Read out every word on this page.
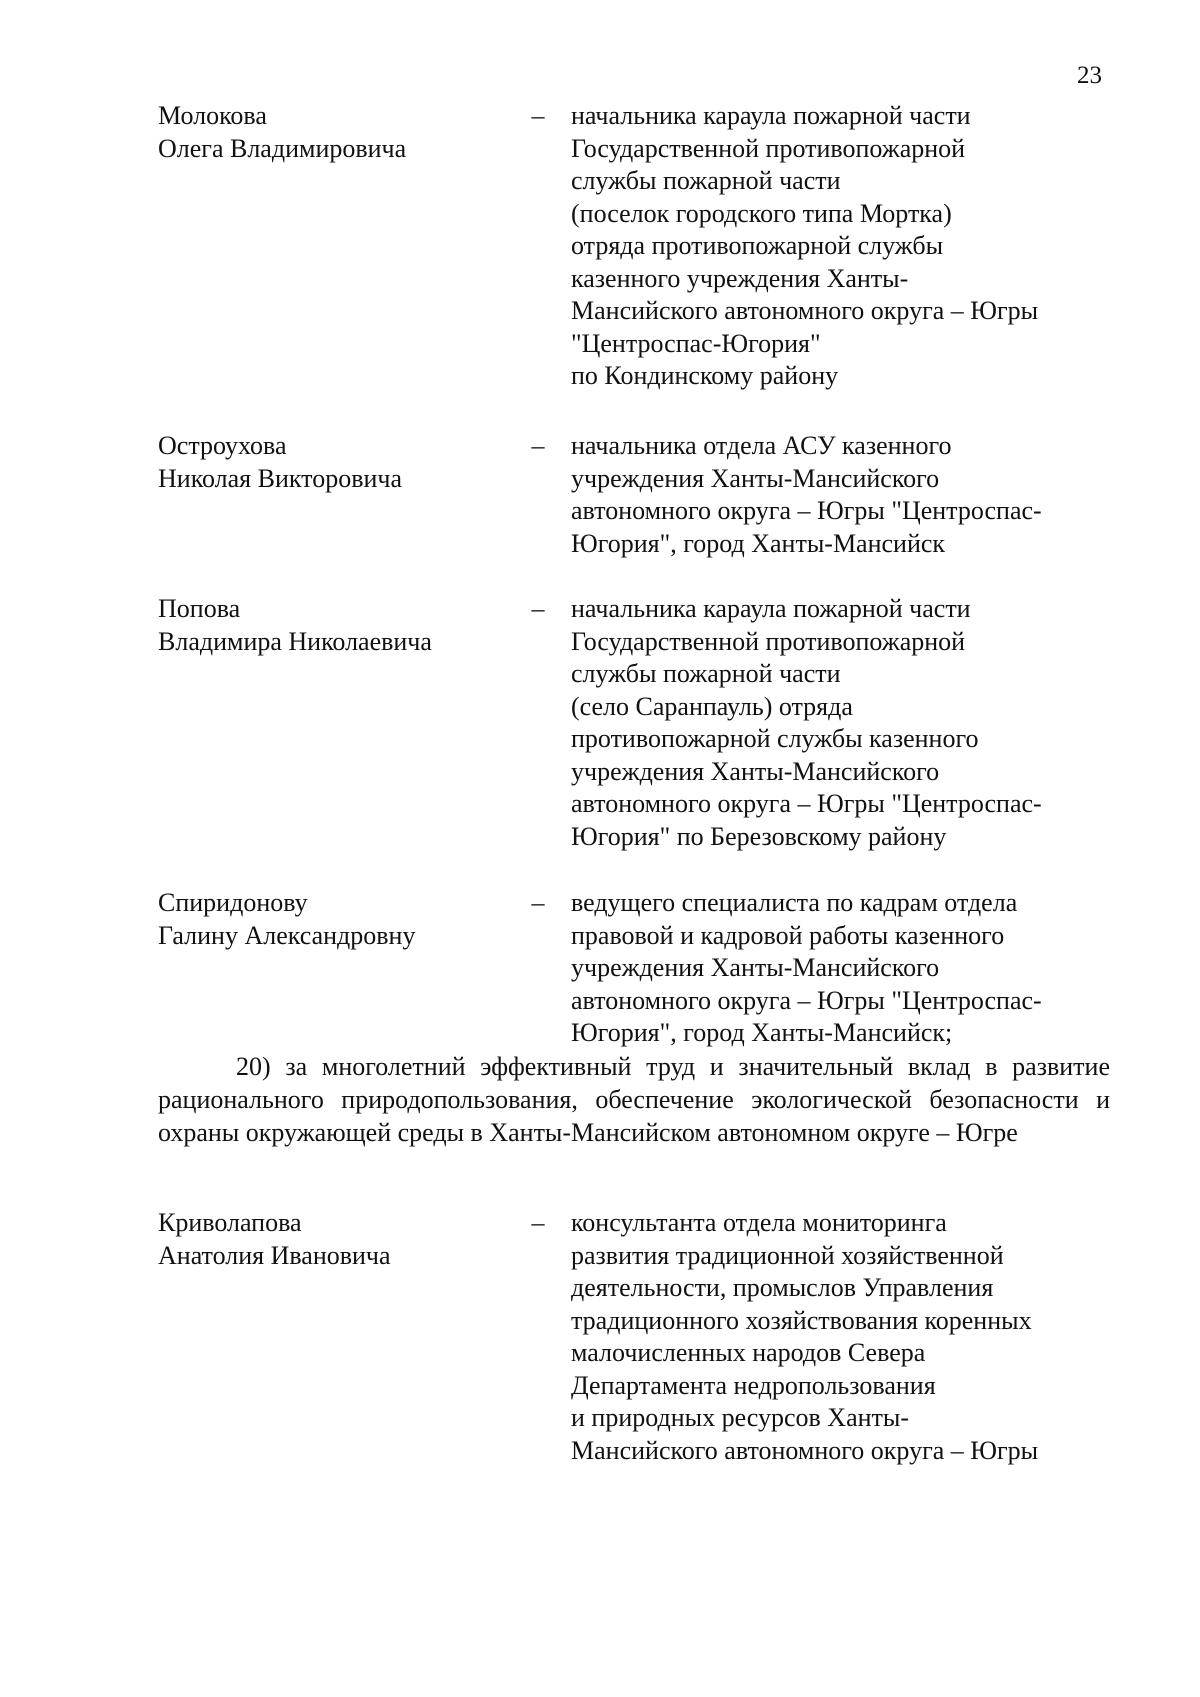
23
Молокова
Олега Владимировича
– начальника караула пожарной части
Государственной противопожарной
службы пожарной части
(поселок городского типа Мортка)
отряда противопожарной службы
казенного учреждения Ханты-
Мансийского автономного округа – Югры
"Центроспас-Югория"
по Кондинскому району
Остроухова
Николая Викторовича
– начальника отдела АСУ казенного
учреждения Ханты-Мансийского
автономного округа – Югры "Центроспас-
Югория", город Ханты-Мансийск
Попова
Владимира Николаевича
– начальника караула пожарной части
Государственной противопожарной
службы пожарной части
(село Саранпауль) отряда
противопожарной службы казенного
учреждения Ханты-Мансийского
автономного округа – Югры "Центроспас-
Югория" по Березовскому району
Спиридонову
Галину Александровну
– ведущего специалиста по кадрам отдела
правовой и кадровой работы казенного
учреждения Ханты-Мансийского
автономного округа – Югры "Центроспас-
Югория", город Ханты-Мансийск;
20) за многолетний эффективный труд и значительный вклад в развитие рационального природопользования, обеспечение экологической безопасности и охраны окружающей среды в Ханты-Мансийском автономном округе – Югре
Криволапова
Анатолия Ивановича
– консультанта отдела мониторинга
развития традиционной хозяйственной
деятельности, промыслов Управления
традиционного хозяйствования коренных
малочисленных народов Севера
Департамента недропользования
и природных ресурсов Ханты-
Мансийского автономного округа – Югры
